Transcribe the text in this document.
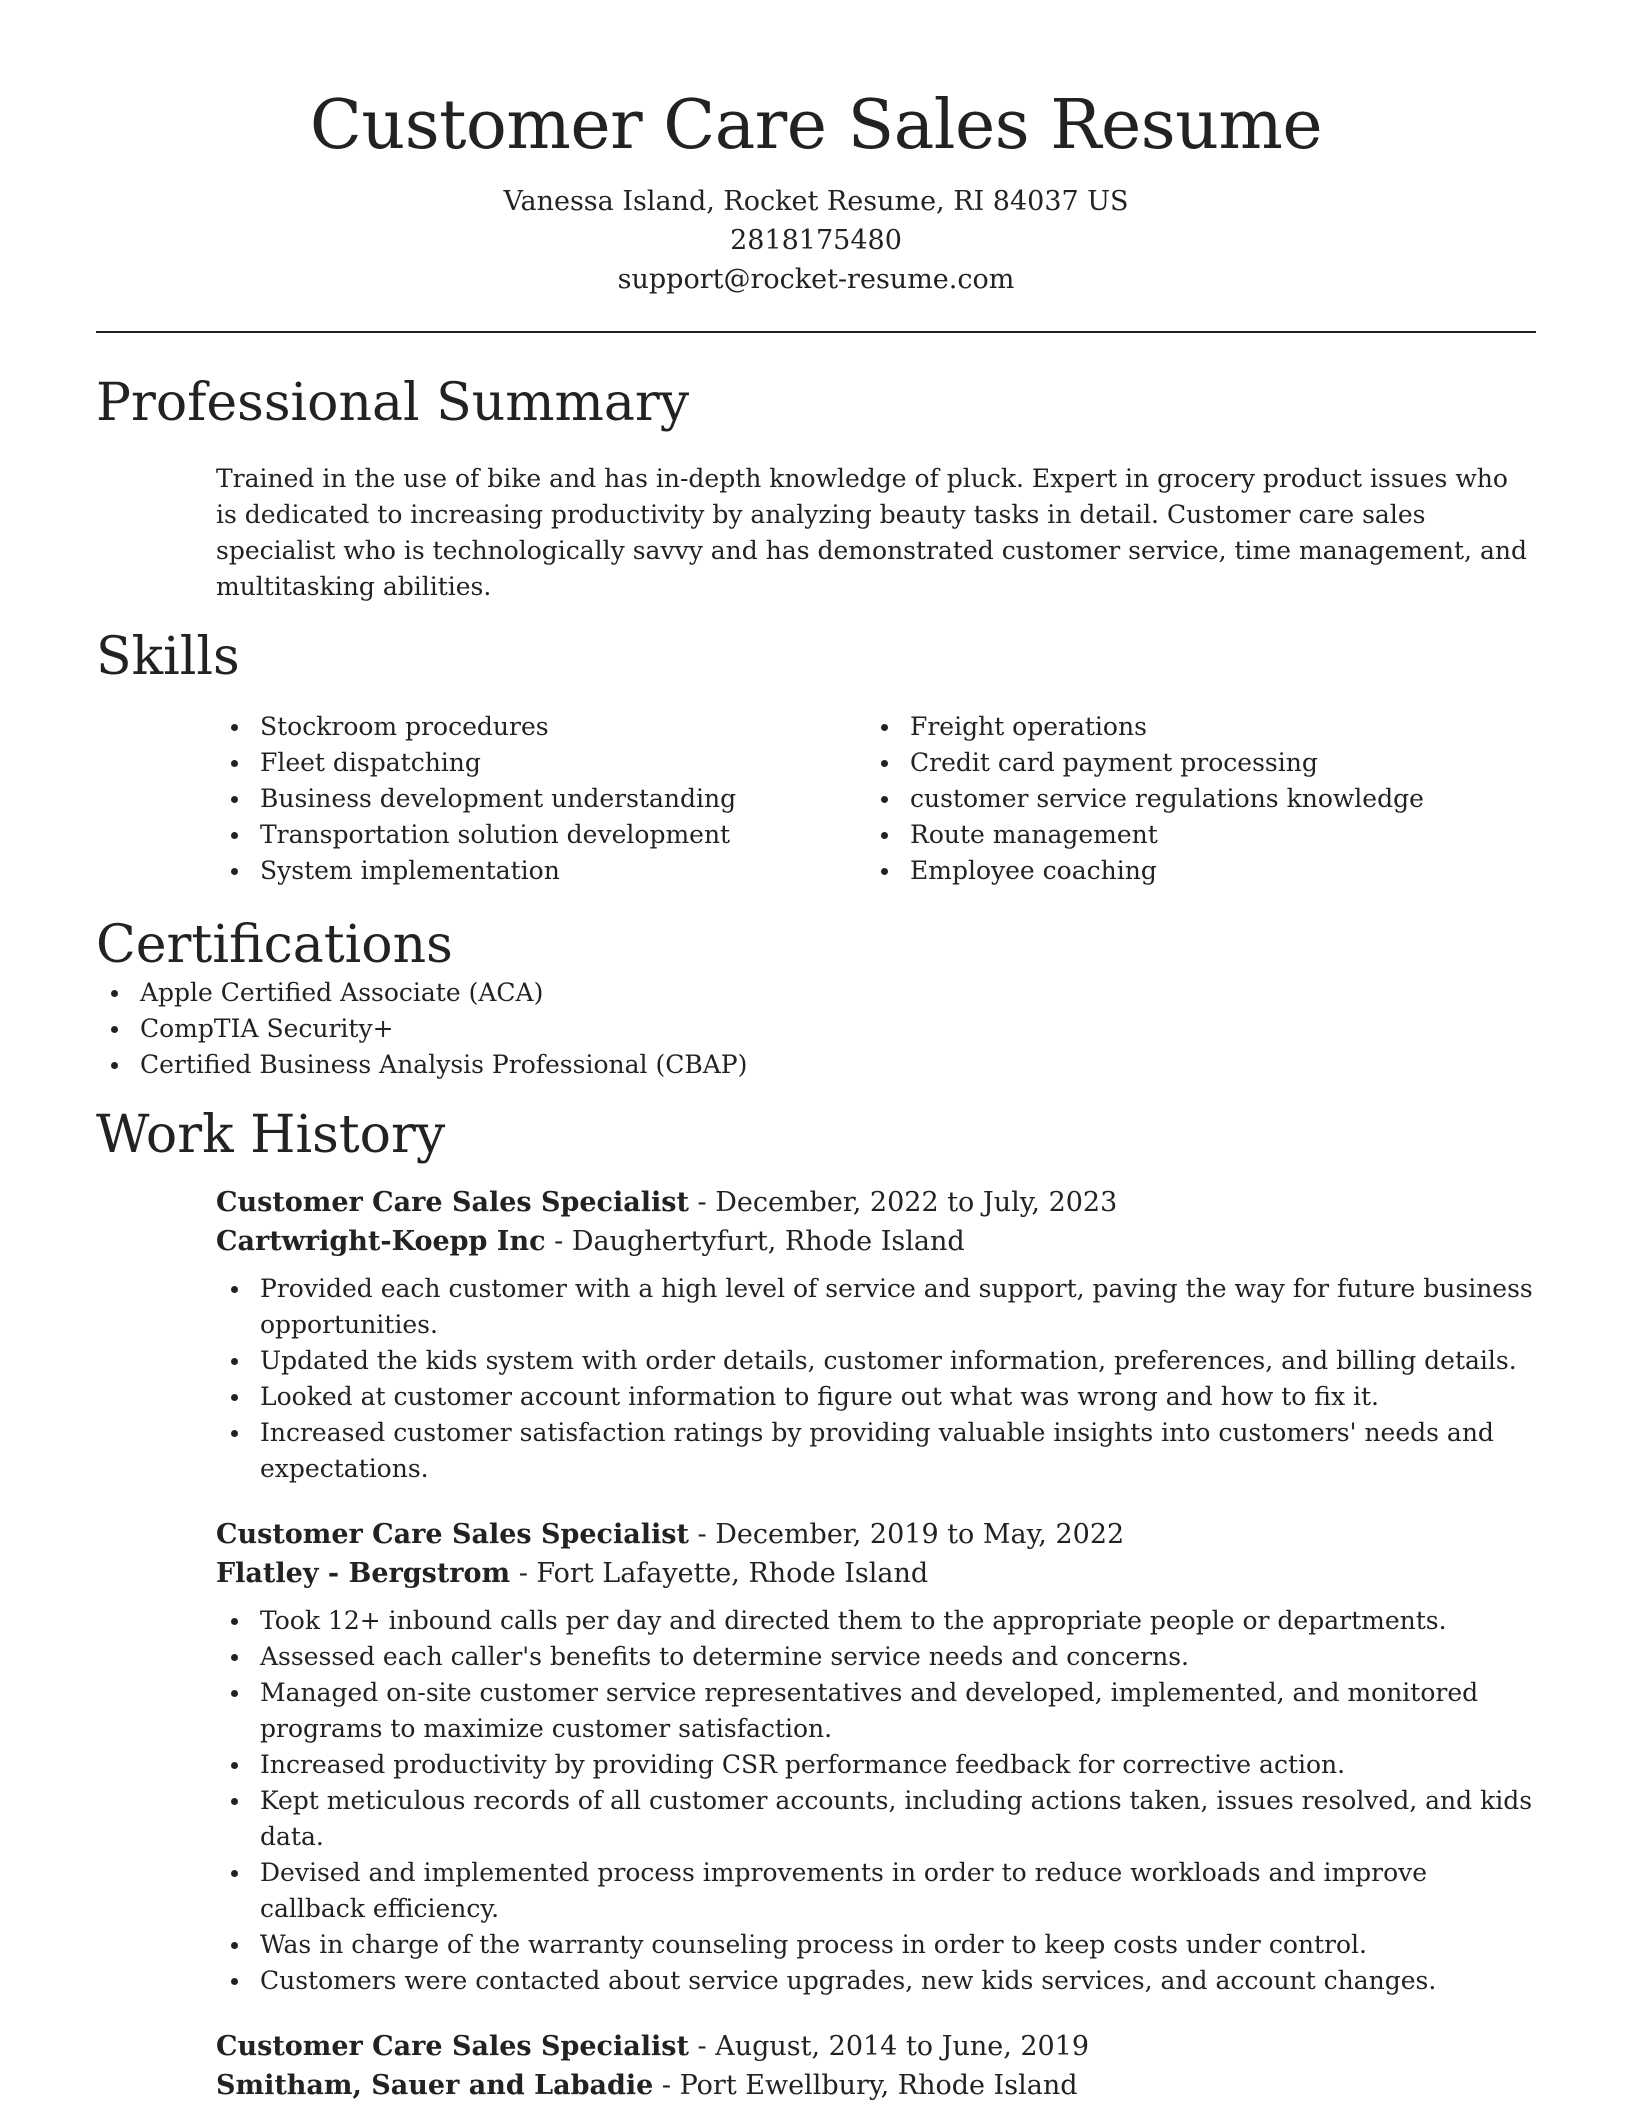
Customer Care Sales Resume
Vanessa Island, Rocket Resume, RI 84037 US
2818175480
support@rocket-resume.com
Professional Summary

Trained in the use of bike and has in-depth knowledge of pluck. Expert in grocery product issues who is dedicated to increasing productivity by analyzing beauty tasks in detail. Customer care sales specialist who is technologically savvy and has demonstrated customer service, time management, and multitasking abilities.

Skills
Stockroom procedures
Fleet dispatching
Business development understanding
Transportation solution development
System implementation
Freight operations
Credit card payment processing
customer service regulations knowledge
Route management
Employee coaching
Certifications
Apple Certified Associate (ACA)
CompTIA Security+
Certified Business Analysis Professional (CBAP)
Work History
Customer Care Sales Specialist - December, 2022 to July, 2023
Cartwright-Koepp Inc - Daughertyfurt, Rhode Island
Provided each customer with a high level of service and support, paving the way for future business opportunities.
Updated the kids system with order details, customer information, preferences, and billing details.
Looked at customer account information to figure out what was wrong and how to fix it.
Increased customer satisfaction ratings by providing valuable insights into customers' needs and expectations.
Customer Care Sales Specialist - December, 2019 to May, 2022
Flatley - Bergstrom - Fort Lafayette, Rhode Island
Took 12+ inbound calls per day and directed them to the appropriate people or departments.
Assessed each caller's benefits to determine service needs and concerns.
Managed on-site customer service representatives and developed, implemented, and monitored programs to maximize customer satisfaction.
Increased productivity by providing CSR performance feedback for corrective action.
Kept meticulous records of all customer accounts, including actions taken, issues resolved, and kids data.
Devised and implemented process improvements in order to reduce workloads and improve callback efficiency.
Was in charge of the warranty counseling process in order to keep costs under control.
Customers were contacted about service upgrades, new kids services, and account changes.
Customer Care Sales Specialist - August, 2014 to June, 2019
Smitham, Sauer and Labadie - Port Ewellbury, Rhode Island
